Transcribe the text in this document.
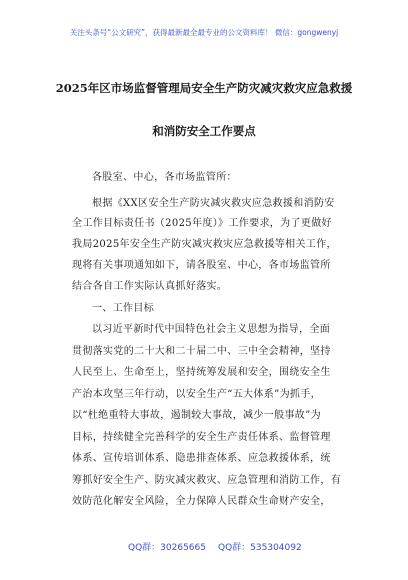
关注头条号“公文研究”，获得最新最全最专业的公文资料库！ 微信：gongwenyj
2025年区市场监督管理局安全生产防灾减灾救灾应急救援
和消防安全工作要点
各股室、中心，各市场监管所：
根据《XX区安全生产防灾减灾救灾应急救援和消防安
全工作目标责任书（2025年度）》工作要求，为了更做好
我局2025年安全生产防灾减灾救灾应急救援等相关工作，
现将有关事项通知如下，请各股室、中心，各市场监管所
结合各自工作实际认真抓好落实。
一、工作目标
以习近平新时代中国特色社会主义思想为指导，全面
贯彻落实党的二十大和二十届二中、三中全会精神，坚持
人民至上、生命至上，坚持统筹发展和安全，围绕安全生
产治本攻坚三年行动，以安全生产“五大体系”为抓手，
以“杜绝重特大事故，遏制较大事故，减少一般事故”为
目标，持续健全完善科学的安全生产责任体系、监督管理
体系、宣传培训体系、隐患排查体系、应急救援体系，统
筹抓好安全生产、防灾减灾救灾、应急管理和消防工作，有
效防范化解安全风险，全力保障人民群众生命财产安全，
QQ群：30265665 QQ群：535304092
